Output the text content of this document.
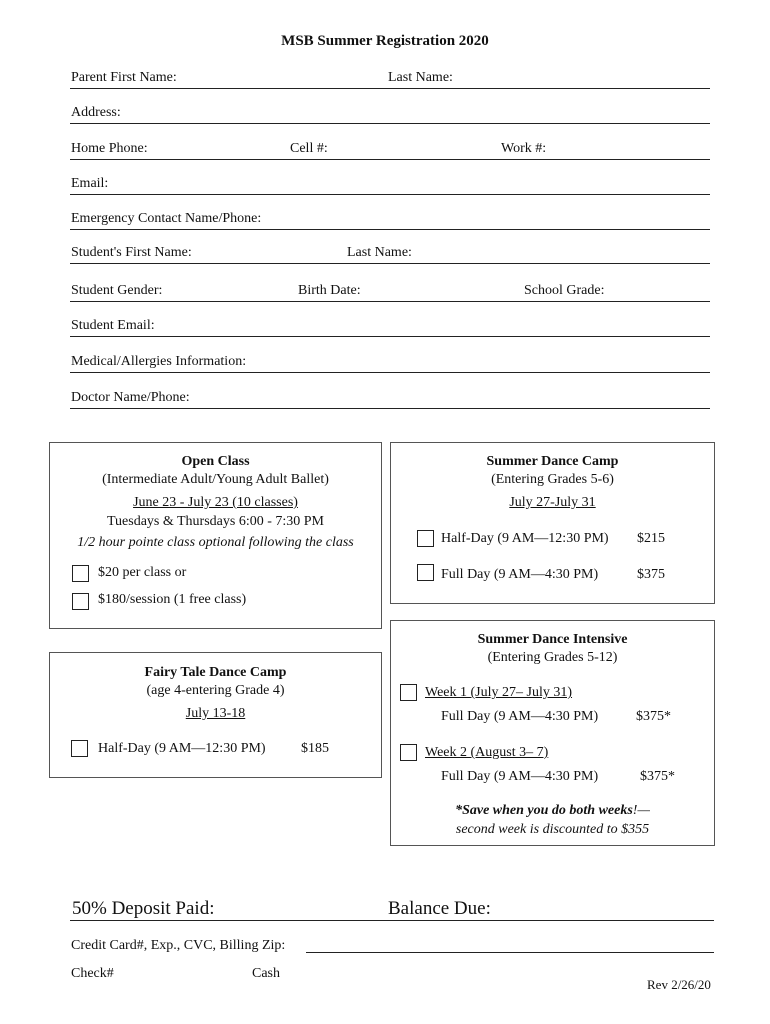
MSB Summer Registration 2020
Parent First Name:	Last Name:
Address:
Home Phone:	Cell #:	Work #:
Email:
Emergency Contact Name/Phone:
Student's First Name:	Last Name:
Student Gender:	Birth Date:	School Grade:
Student Email:
Medical/Allergies Information:
Doctor Name/Phone:
Open Class
(Intermediate Adult/Young Adult Ballet)
June 23 - July 23 (10 classes)
Tuesdays & Thursdays 6:00 - 7:30 PM
1/2 hour pointe class optional following the class
$20 per class or
$180/session (1 free class)
Summer Dance Camp
(Entering Grades 5-6)
July 27-July 31
Half-Day (9 AM—12:30 PM) $215
Full Day (9 AM—4:30 PM)	$375
Fairy Tale Dance Camp
(age 4-entering Grade 4)
July 13-18
Half-Day (9 AM—12:30 PM)	$185
Summer Dance Intensive
(Entering Grades 5-12)
Week 1 (July 27– July 31)
Full Day (9 AM—4:30 PM)	$375*
Week 2 (August 3– 7)
Full Day (9 AM—4:30 PM)	$375*
*Save when you do both weeks!—
second week is discounted to $355
50% Deposit Paid:	Balance Due:
Credit Card#, Exp., CVC, Billing Zip:
Check#	Cash
Rev 2/26/20
